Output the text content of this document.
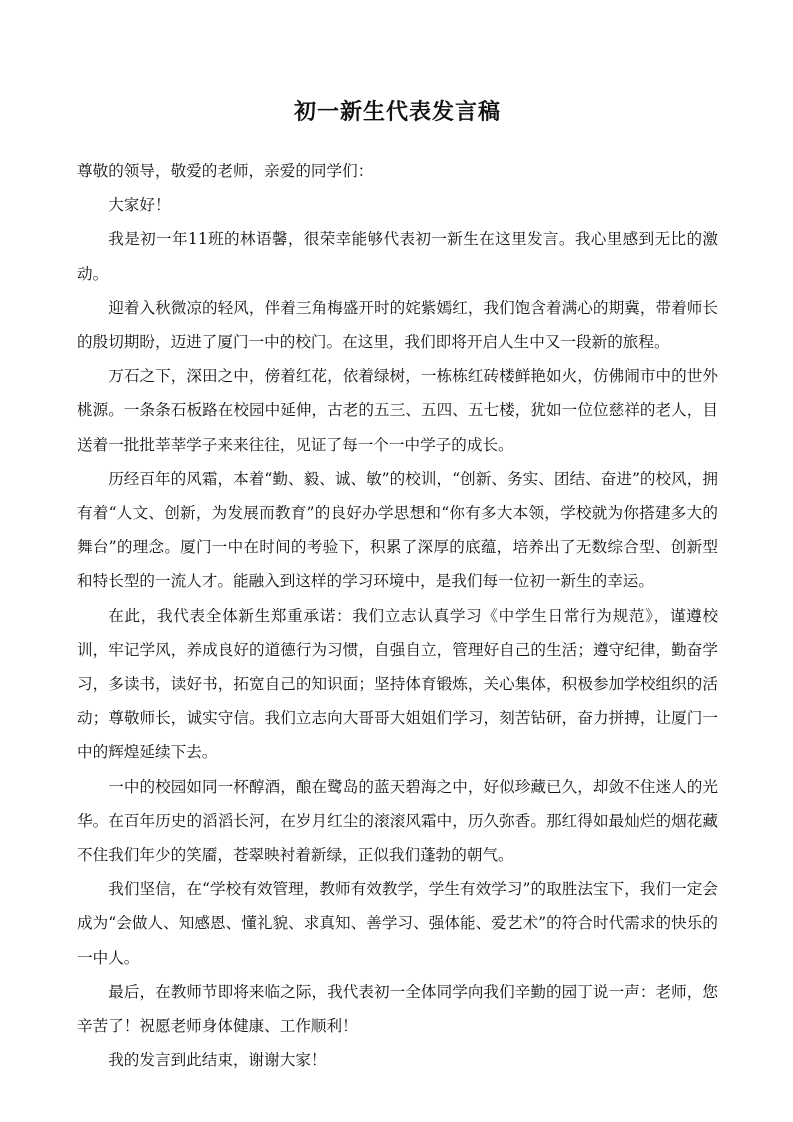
初一新生代表发言稿

尊敬的领导，敬爱的老师，亲爱的同学们：

大家好！

我是初一年11班的林语馨，很荣幸能够代表初一新生在这里发言。我心里感到无比的激动。

迎着入秋微凉的轻风，伴着三角梅盛开时的姹紫嫣红，我们饱含着满心的期冀，带着师长的殷切期盼，迈进了厦门一中的校门。在这里，我们即将开启人生中又一段新的旅程。

万石之下，深田之中，傍着红花，依着绿树，一栋栋红砖楼鲜艳如火，仿佛闹市中的世外桃源。一条条石板路在校园中延伸，古老的五三、五四、五七楼，犹如一位位慈祥的老人，目送着一批批莘莘学子来来往往，见证了每一个一中学子的成长。

历经百年的风霜，本着“勤、毅、诚、敏”的校训，“创新、务实、团结、奋进”的校风，拥有着“人文、创新，为发展而教育”的良好办学思想和“你有多大本领，学校就为你搭建多大的舞台”的理念。厦门一中在时间的考验下，积累了深厚的底蕴，培养出了无数综合型、创新型和特长型的一流人才。能融入到这样的学习环境中，是我们每一位初一新生的幸运。

在此，我代表全体新生郑重承诺：我们立志认真学习《中学生日常行为规范》，谨遵校训，牢记学风，养成良好的道德行为习惯，自强自立，管理好自己的生活；遵守纪律，勤奋学习，多读书，读好书，拓宽自己的知识面；坚持体育锻炼，关心集体，积极参加学校组织的活动；尊敬师长，诚实守信。我们立志向大哥哥大姐姐们学习，刻苦钻研，奋力拼搏，让厦门一中的辉煌延续下去。

一中的校园如同一杯醇酒，酿在鹭岛的蓝天碧海之中，好似珍藏已久，却敛不住迷人的光华。在百年历史的滔滔长河，在岁月红尘的滚滚风霜中，历久弥香。那红得如最灿烂的烟花藏不住我们年少的笑靥，苍翠映衬着新绿，正似我们蓬勃的朝气。

我们坚信，在“学校有效管理，教师有效教学，学生有效学习”的取胜法宝下，我们一定会成为“会做人、知感恩、懂礼貌、求真知、善学习、强体能、爱艺术”的符合时代需求的快乐的一中人。

最后，在教师节即将来临之际，我代表初一全体同学向我们辛勤的园丁说一声：老师，您辛苦了！祝愿老师身体健康、工作顺利！

我的发言到此结束，谢谢大家！
